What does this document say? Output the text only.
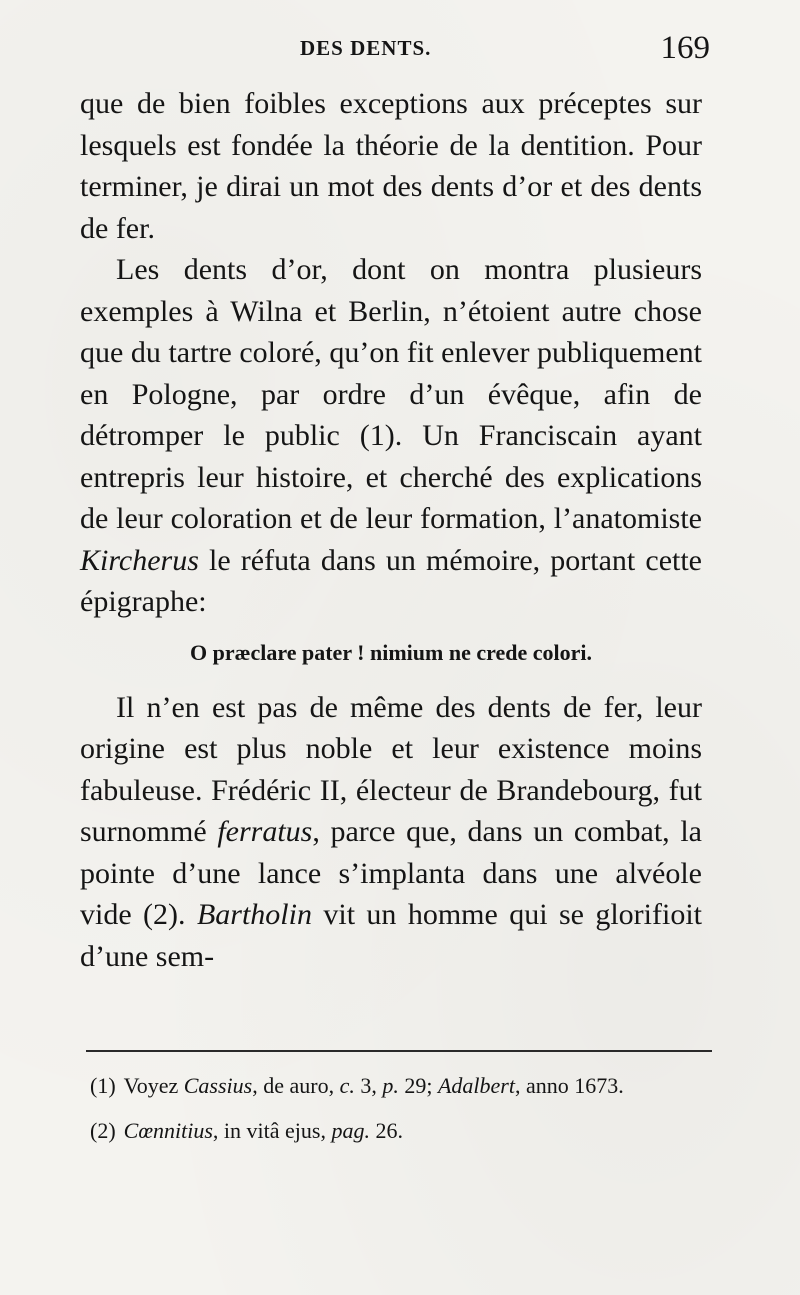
DES DENTS.	169

que de bien foibles exceptions aux préceptes sur lesquels est fondée la théorie de la dentition. Pour terminer, je dirai un mot des dents d’or et des dents de fer.

Les dents d’or, dont on montra plusieurs exemples à Wilna et Berlin, n’étoient autre chose que du tartre coloré, qu’on fit enlever publiquement en Pologne, par ordre d’un évêque, afin de détromper le public (1). Un Franciscain ayant entrepris leur histoire, et cherché des explications de leur coloration et de leur formation, l’anatomiste Kircherus le réfuta dans un mémoire, portant cette épigraphe:

O præclare pater ! nimium ne crede colori.

Il n’en est pas de même des dents de fer, leur origine est plus noble et leur existence moins fabuleuse. Frédéric II, électeur de Brandebourg, fut surnommé ferratus, parce que, dans un combat, la pointe d’une lance s’implanta dans une alvéole vide (2). Bartholin vit un homme qui se glorifioit d’une sem-

(1) Voyez Cassius, de auro, c. 3, p. 29; Adalbert, anno 1673.

(2) Cœnnitius, in vitâ ejus, pag. 26.
